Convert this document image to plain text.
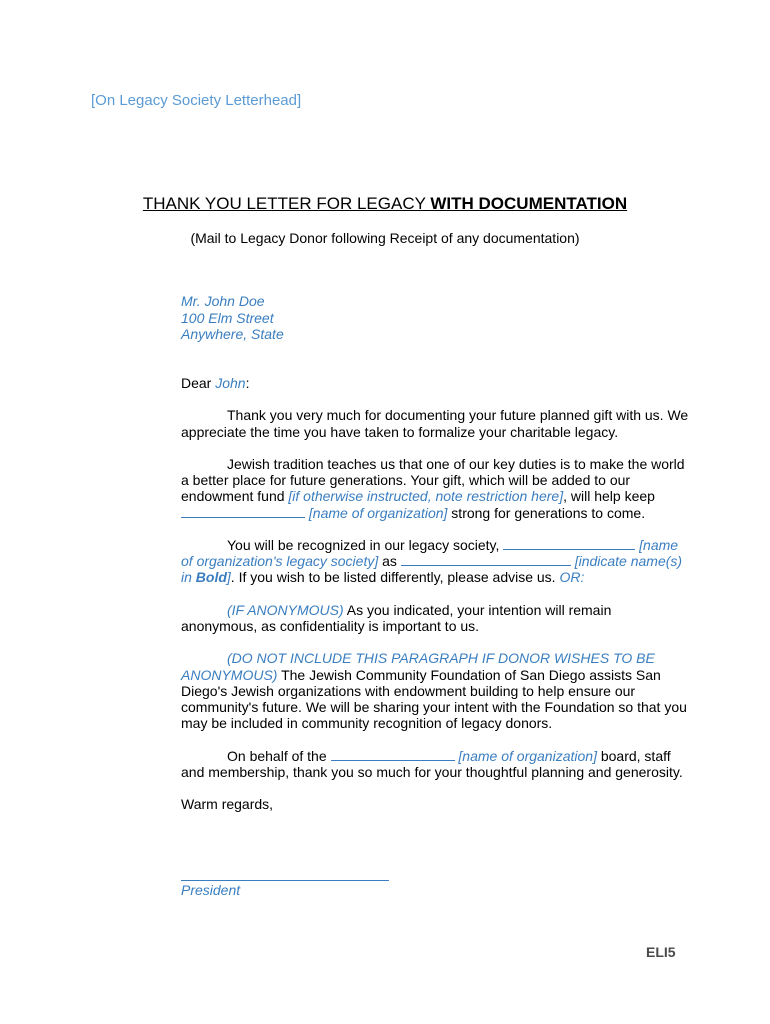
[On Legacy Society Letterhead]
THANK YOU LETTER FOR LEGACY WITH DOCUMENTATION
(Mail to Legacy Donor following Receipt of any documentation)
Mr. John Doe
100 Elm Street
Anywhere, State

Dear John:

Thank you very much for documenting your future planned gift with us. We appreciate the time you have taken to formalize your charitable legacy.

Jewish tradition teaches us that one of our key duties is to make the world a better place for future generations. Your gift, which will be added to our endowment fund [if otherwise instructed, note restriction here], will help keep  [name of organization] strong for generations to come.

You will be recognized in our legacy society,	[name of organization's legacy society] as	[indicate name(s) in Bold]. If you wish to be listed differently, please advise us. OR:

(IF ANONYMOUS) As you indicated, your intention will remain anonymous, as confidentiality is important to us.

(DO NOT INCLUDE THIS PARAGRAPH IF DONOR WISHES TO BE ANONYMOUS) The Jewish Community Foundation of San Diego assists San Diego's Jewish organizations with endowment building to help ensure our community's future. We will be sharing your intent with the Foundation so that you may be included in community recognition of legacy donors.

On behalf of the	[name of organization] board, staff and membership, thank you so much for your thoughtful planning and generosity.

Warm regards,

President
ELI5
